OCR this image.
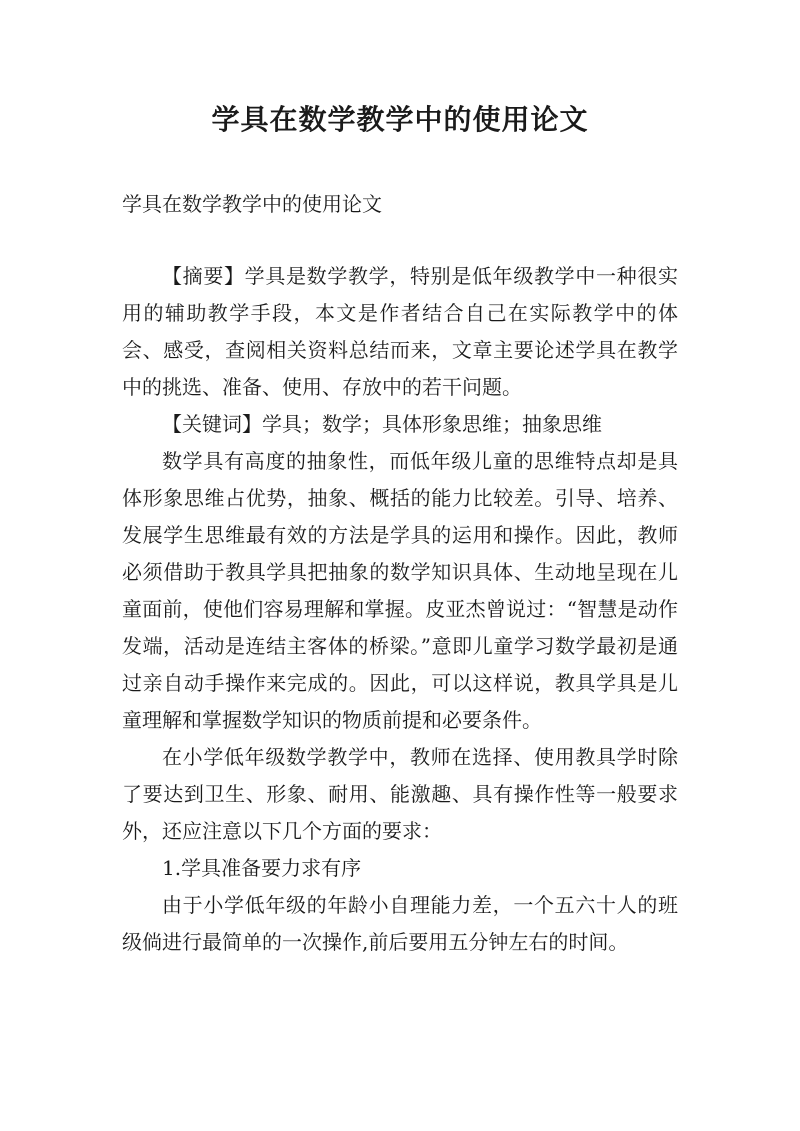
学具在数学教学中的使用论文

学具在数学教学中的使用论文

【摘要】学具是数学教学，特别是低年级教学中一种很实用的辅助教学手段，本文是作者结合自己在实际教学中的体会、感受，查阅相关资料总结而来，文章主要论述学具在教学中的挑选、准备、使用、存放中的若干问题。

【关键词】学具；数学；具体形象思维；抽象思维

数学具有高度的抽象性，而低年级儿童的思维特点却是具体形象思维占优势，抽象、概括的能力比较差。引导、培养、发展学生思维最有效的方法是学具的运用和操作。因此，教师必须借助于教具学具把抽象的数学知识具体、生动地呈现在儿童面前，使他们容易理解和掌握。皮亚杰曾说过：“智慧是动作发端，活动是连结主客体的桥梁。”意即儿童学习数学最初是通过亲自动手操作来完成的。因此，可以这样说，教具学具是儿童理解和掌握数学知识的物质前提和必要条件。

在小学低年级数学教学中，教师在选择、使用教具学时除了要达到卫生、形象、耐用、能激趣、具有操作性等一般要求外，还应注意以下几个方面的要求：

1.学具准备要力求有序

由于小学低年级的年龄小自理能力差，一个五六十人的班级倘进行最简单的一次操作,前后要用五分钟左右的时间。
